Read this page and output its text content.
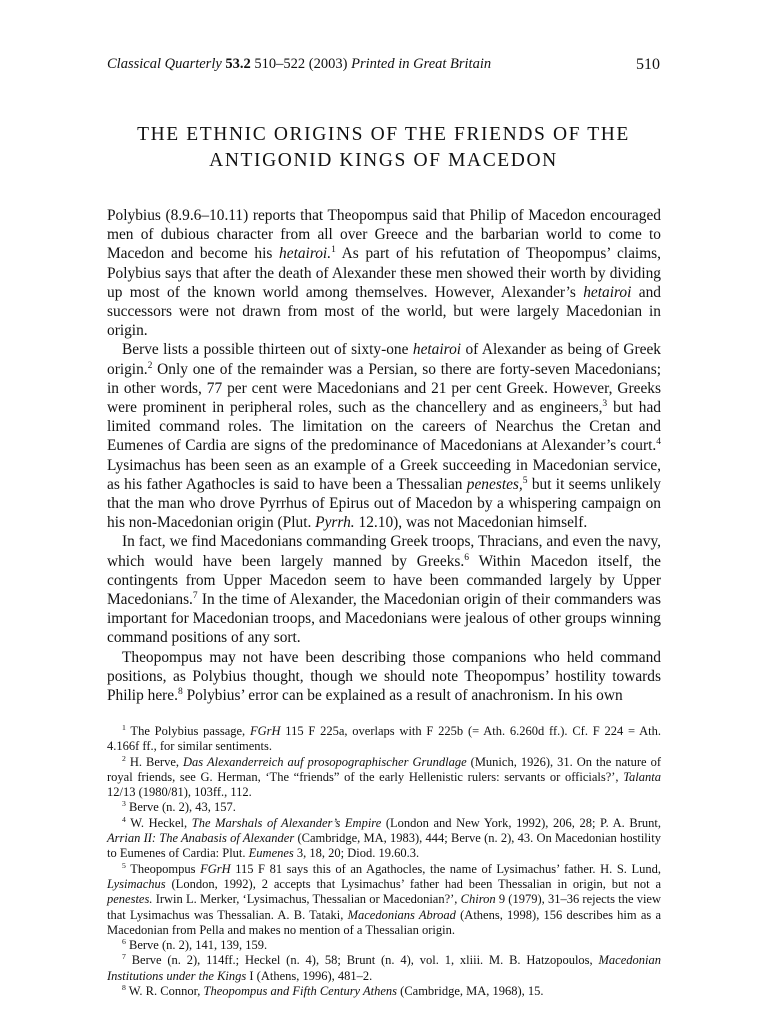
Classical Quarterly 53.2 510–522 (2003) Printed in Great Britain	510
THE ETHNIC ORIGINS OF THE FRIENDS OF THE
ANTIGONID KINGS OF MACEDON

Polybius (8.9.6–10.11) reports that Theopompus said that Philip of Macedon encouraged men of dubious character from all over Greece and the barbarian world to come to Macedon and become his hetairoi.$^1$ As part of his refutation of Theopompus’ claims, Polybius says that after the death of Alexander these men showed their worth by dividing up most of the known world among themselves. However, Alexander’s hetairoi and successors were not drawn from most of the world, but were largely Macedonian in origin.

Berve lists a possible thirteen out of sixty-one hetairoi of Alexander as being of Greek origin.$^2$ Only one of the remainder was a Persian, so there are forty-seven Macedonians; in other words, 77 per cent were Macedonians and 21 per cent Greek. However, Greeks were prominent in peripheral roles, such as the chancellery and as engineers,$^3$ but had limited command roles. The limitation on the careers of Nearchus the Cretan and Eumenes of Cardia are signs of the predominance of Macedonians at Alexander’s court.$^4$ Lysimachus has been seen as an example of a Greek succeeding in Macedonian service, as his father Agathocles is said to have been a Thessalian penestes,$^5$ but it seems unlikely that the man who drove Pyrrhus of Epirus out of Macedon by a whispering campaign on his non-Macedonian origin (Plut. Pyrrh. 12.10), was not Macedonian himself.

In fact, we find Macedonians commanding Greek troops, Thracians, and even the navy, which would have been largely manned by Greeks.$^6$ Within Macedon itself, the contingents from Upper Macedon seem to have been commanded largely by Upper Macedonians.$^7$ In the time of Alexander, the Macedonian origin of their commanders was important for Macedonian troops, and Macedonians were jealous of other groups winning command positions of any sort.

Theopompus may not have been describing those companions who held command positions, as Polybius thought, though we should note Theopompus’ hostility towards Philip here.$^8$ Polybius’ error can be explained as a result of anachronism. In his own

$^1$ The Polybius passage, FGrH 115 F 225a, overlaps with F 225b (= Ath. 6.260d ff.). Cf. F 224 = Ath. 4.166f ff., for similar sentiments.

$^2$ H. Berve, Das Alexanderreich auf prosopographischer Grundlage (Munich, 1926), 31. On the nature of royal friends, see G. Herman, ‘The “friends” of the early Hellenistic rulers: servants or officials?’, Talanta 12/13 (1980/81), 103ff., 112.

$^3$ Berve (n. 2), 43, 157.

$^4$ W. Heckel, The Marshals of Alexander’s Empire (London and New York, 1992), 206, 28; P. A. Brunt, Arrian II: The Anabasis of Alexander (Cambridge, MA, 1983), 444; Berve (n. 2), 43. On Macedonian hostility to Eumenes of Cardia: Plut. Eumenes 3, 18, 20; Diod. 19.60.3.

$^5$ Theopompus FGrH 115 F 81 says this of an Agathocles, the name of Lysimachus’ father. H. S. Lund, Lysimachus (London, 1992), 2 accepts that Lysimachus’ father had been Thessalian in origin, but not a penestes. Irwin L. Merker, ‘Lysimachus, Thessalian or Macedonian?’, Chiron 9 (1979), 31–36 rejects the view that Lysimachus was Thessalian. A. B. Tataki, Macedonians Abroad (Athens, 1998), 156 describes him as a Macedonian from Pella and makes no mention of a Thessalian origin.

$^6$ Berve (n. 2), 141, 139, 159.

$^7$ Berve (n. 2), 114ff.; Heckel (n. 4), 58; Brunt (n. 4), vol. 1, xliii. M. B. Hatzopoulos, Macedonian Institutions under the Kings I (Athens, 1996), 481–2.

$^8$ W. R. Connor, Theopompus and Fifth Century Athens (Cambridge, MA, 1968), 15.
